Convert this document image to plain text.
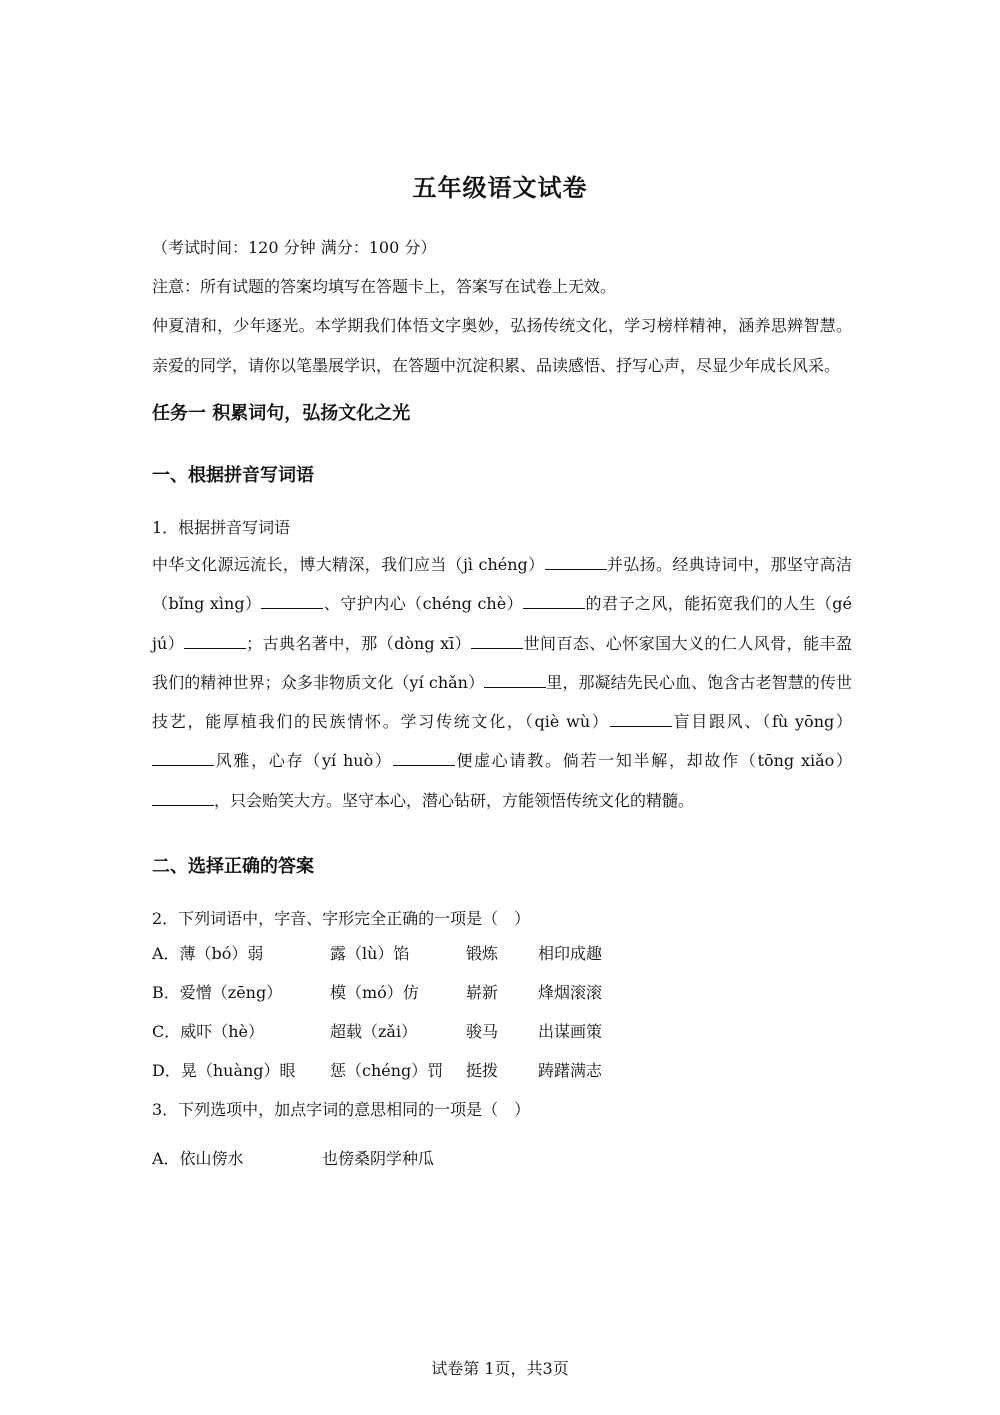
五年级语文试卷
（考试时间：120 分钟 满分：100 分）
注意：所有试题的答案均填写在答题卡上，答案写在试卷上无效。
仲夏清和，少年逐光。本学期我们体悟文字奥妙，弘扬传统文化，学习榜样精神，涵养思辨智慧。亲爱的同学，请你以笔墨展学识，在答题中沉淀积累、品读感悟、抒写心声，尽显少年成长风采。
任务一 积累词句，弘扬文化之光
一、根据拼音写词语
1．根据拼音写词语
中华文化源远流长，博大精深，我们应当（jì chéng）	并弘扬。经典诗词中，那坚守高洁（bǐng xìng）	、守护内心（chéng chè）	的君子之风，能拓宽我们的人生（gé jú）	；古典名著中，那（dòng xī）	世间百态、心怀家国大义的仁人风骨，能丰盈我们的精神世界；众多非物质文化（yí chǎn）	里，那凝结先民心血、饱含古老智慧的传世技艺，能厚植我们的民族情怀。学习传统文化，（qiè wù）	盲目跟风、（fù yōng）风雅，心存（yí huò）	便虚心请教。倘若一知半解，却故作（tōng xiǎo），只会贻笑大方。坚守本心，潜心钻研，方能领悟传统文化的精髓。
二、选择正确的答案
2．下列词语中，字音、字形完全正确的一项是（　）
A．薄（bó）弱	露（lù）馅	锻炼	相印成趣
B．爱憎（zēng）	模（mó）仿	崭新	烽烟滚滚
C．威吓（hè）	超载（zǎi）	骏马	出谋画策
D．晃（huàng）眼	惩（chéng）罚	挺拨	踌躇满志
3．下列选项中，加点字词的意思相同的一项是（　）
A．依山傍水	也傍桑阴学种瓜
试卷第 1页，共3页
